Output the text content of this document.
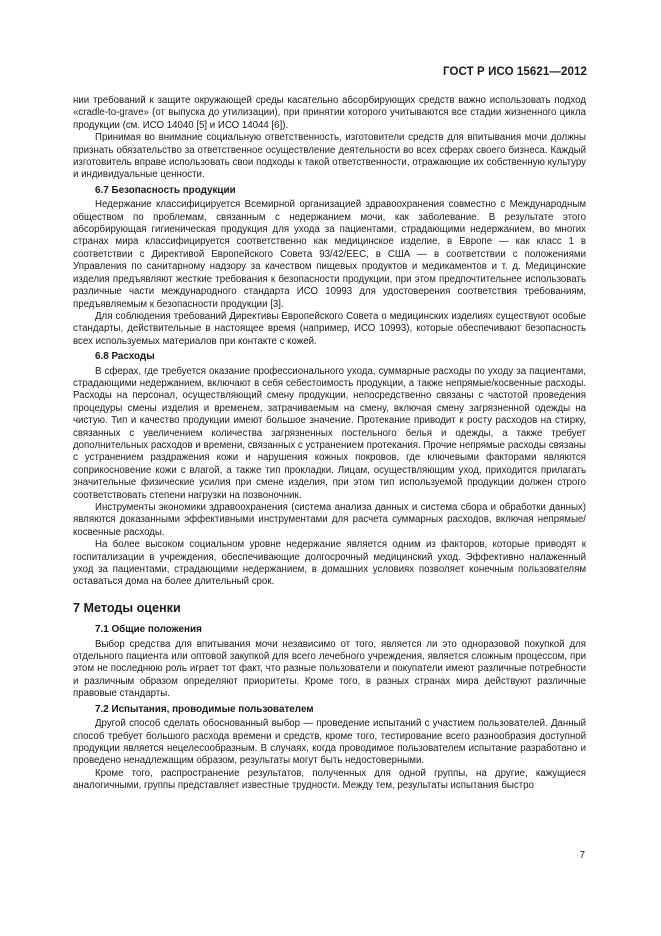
ГОСТ Р ИСО 15621—2012

нии требований к защите окружающей среды касательно абсорбирующих средств важно использовать подход «cradle-to-grave» (от выпуска до утилизации), при принятии которого учитываются все стадии жизненного цикла продукции (см. ИСО 14040 [5] и ИСО 14044 [6]).

Принимая во внимание социальную ответственность, изготовители средств для впитывания мочи должны признать обязательство за ответственное осуществление деятельности во всех сферах своего бизнеса. Каждый изготовитель вправе использовать свои подходы к такой ответственности, отражающие их собственную культуру и индивидуальные ценности.

6.7 Безопасность продукции

Недержание классифицируется Всемирной организацией здравоохранения совместно с Международным обществом по проблемам, связанным с недержанием мочи, как заболевание. В результате этого абсорбирующая гигиеническая продукция для ухода за пациентами, страдающими недержанием, во многих странах мира классифицируется соответственно как медицинское изделие, в Европе — как класс 1 в соответствии с Директивой Европейского Совета 93/42/ЕЕС, в США — в соответствии с положениями Управления по санитарному надзору за качеством пищевых продуктов и медикаментов и т. д. Медицинские изделия предъявляют жесткие требования к безопасности продукции, при этом предпочтительнее использовать различные части международного стандарта ИСО 10993 для удостоверения соответствия требованиям, предъявляемым к безопасности продукции [3].

Для соблюдения требований Директивы Европейского Совета о медицинских изделиях существуют особые стандарты, действительные в настоящее время (например, ИСО 10993), которые обеспечивают безопасность всех используемых материалов при контакте с кожей.

6.8 Расходы

В сферах, где требуется оказание профессионального ухода, суммарные расходы по уходу за пациентами, страдающими недержанием, включают в себя себестоимость продукции, а также непрямые/косвенные расходы. Расходы на персонал, осуществляющий смену продукции, непосредственно связаны с частотой проведения процедуры смены изделия и временем, затрачиваемым на смену, включая смену загрязненной одежды на чистую. Тип и качество продукции имеют большое значение. Протекание приводит к росту расходов на стирку, связанных с увеличением количества загрязненных постельного белья и одежды, а также требует дополнительных расходов и времени, связанных с устранением протекания. Прочие непрямые расходы связаны с устранением раздражения кожи и нарушения кожных покровов, где ключевыми факторами являются соприкосновение кожи с влагой, а также тип прокладки. Лицам, осуществляющим уход, приходится прилагать значительные физические усилия при смене изделия, при этом тип используемой продукции должен строго соответствовать степени нагрузки на позвоночник.

Инструменты экономики здравоохранения (система анализа данных и система сбора и обработки данных) являются доказанными эффективными инструментами для расчета суммарных расходов, включая непрямые/косвенные расходы.

На более высоком социальном уровне недержание является одним из факторов, которые приводят к госпитализации в учреждения, обеспечивающие долгосрочный медицинский уход. Эффективно налаженный уход за пациентами, страдающими недержанием, в домашних условиях позволяет конечным пользователям оставаться дома на более длительный срок.

7 Методы оценки
7.1 Общие положения

Выбор средства для впитывания мочи независимо от того, является ли это одноразовой покупкой для отдельного пациента или оптовой закупкой для всего лечебного учреждения, является сложным процессом, при этом не последнюю роль играет тот факт, что разные пользователи и покупатели имеют различные потребности и различным образом определяют приоритеты. Кроме того, в разных странах мира действуют различные правовые стандарты.

7.2 Испытания, проводимые пользователем

Другой способ сделать обоснованный выбор — проведение испытаний с участием пользователей. Данный способ требует большого расхода времени и средств, кроме того, тестирование всего разнообразия доступной продукции является нецелесообразным. В случаях, когда проводимое пользователем испытание разработано и проведено ненадлежащим образом, результаты могут быть недостоверными.

Кроме того, распространение результатов, полученных для одной группы, на другие, кажущиеся аналогичными, группы представляет известные трудности. Между тем, результаты испытания быстро

7
